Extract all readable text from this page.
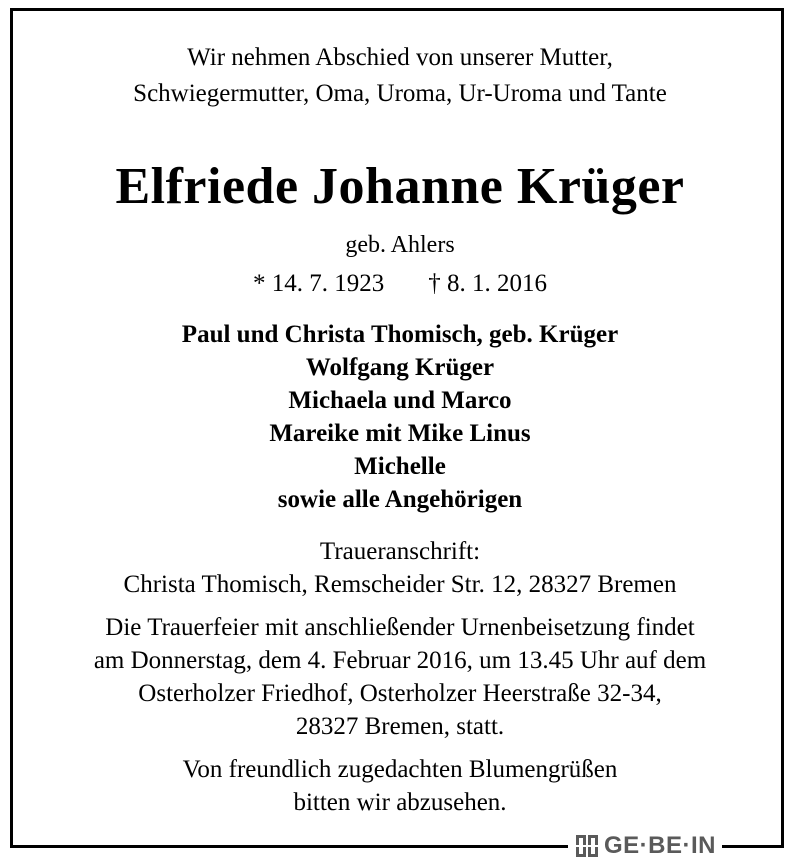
Wir nehmen Abschied von unserer Mutter,
Schwiegermutter, Oma, Uroma, Ur-Uroma und Tante
Elfriede Johanne Krüger
geb. Ahlers
* 14. 7. 1923 † 8. 1. 2016
Paul und Christa Thomisch, geb. Krüger
Wolfgang Krüger
Michaela und Marco
Mareike mit Mike Linus
Michelle
sowie alle Angehörigen
Traueranschrift:
Christa Thomisch, Remscheider Str. 12, 28327 Bremen
Die Trauerfeier mit anschließender Urnenbeisetzung findet
am Donnerstag, dem 4. Februar 2016, um 13.45 Uhr auf dem
Osterholzer Friedhof, Osterholzer Heerstraße 32-34,
28327 Bremen, statt.
Von freundlich zugedachten Blumengrüßen
bitten wir abzusehen.
GE·BE·IN
